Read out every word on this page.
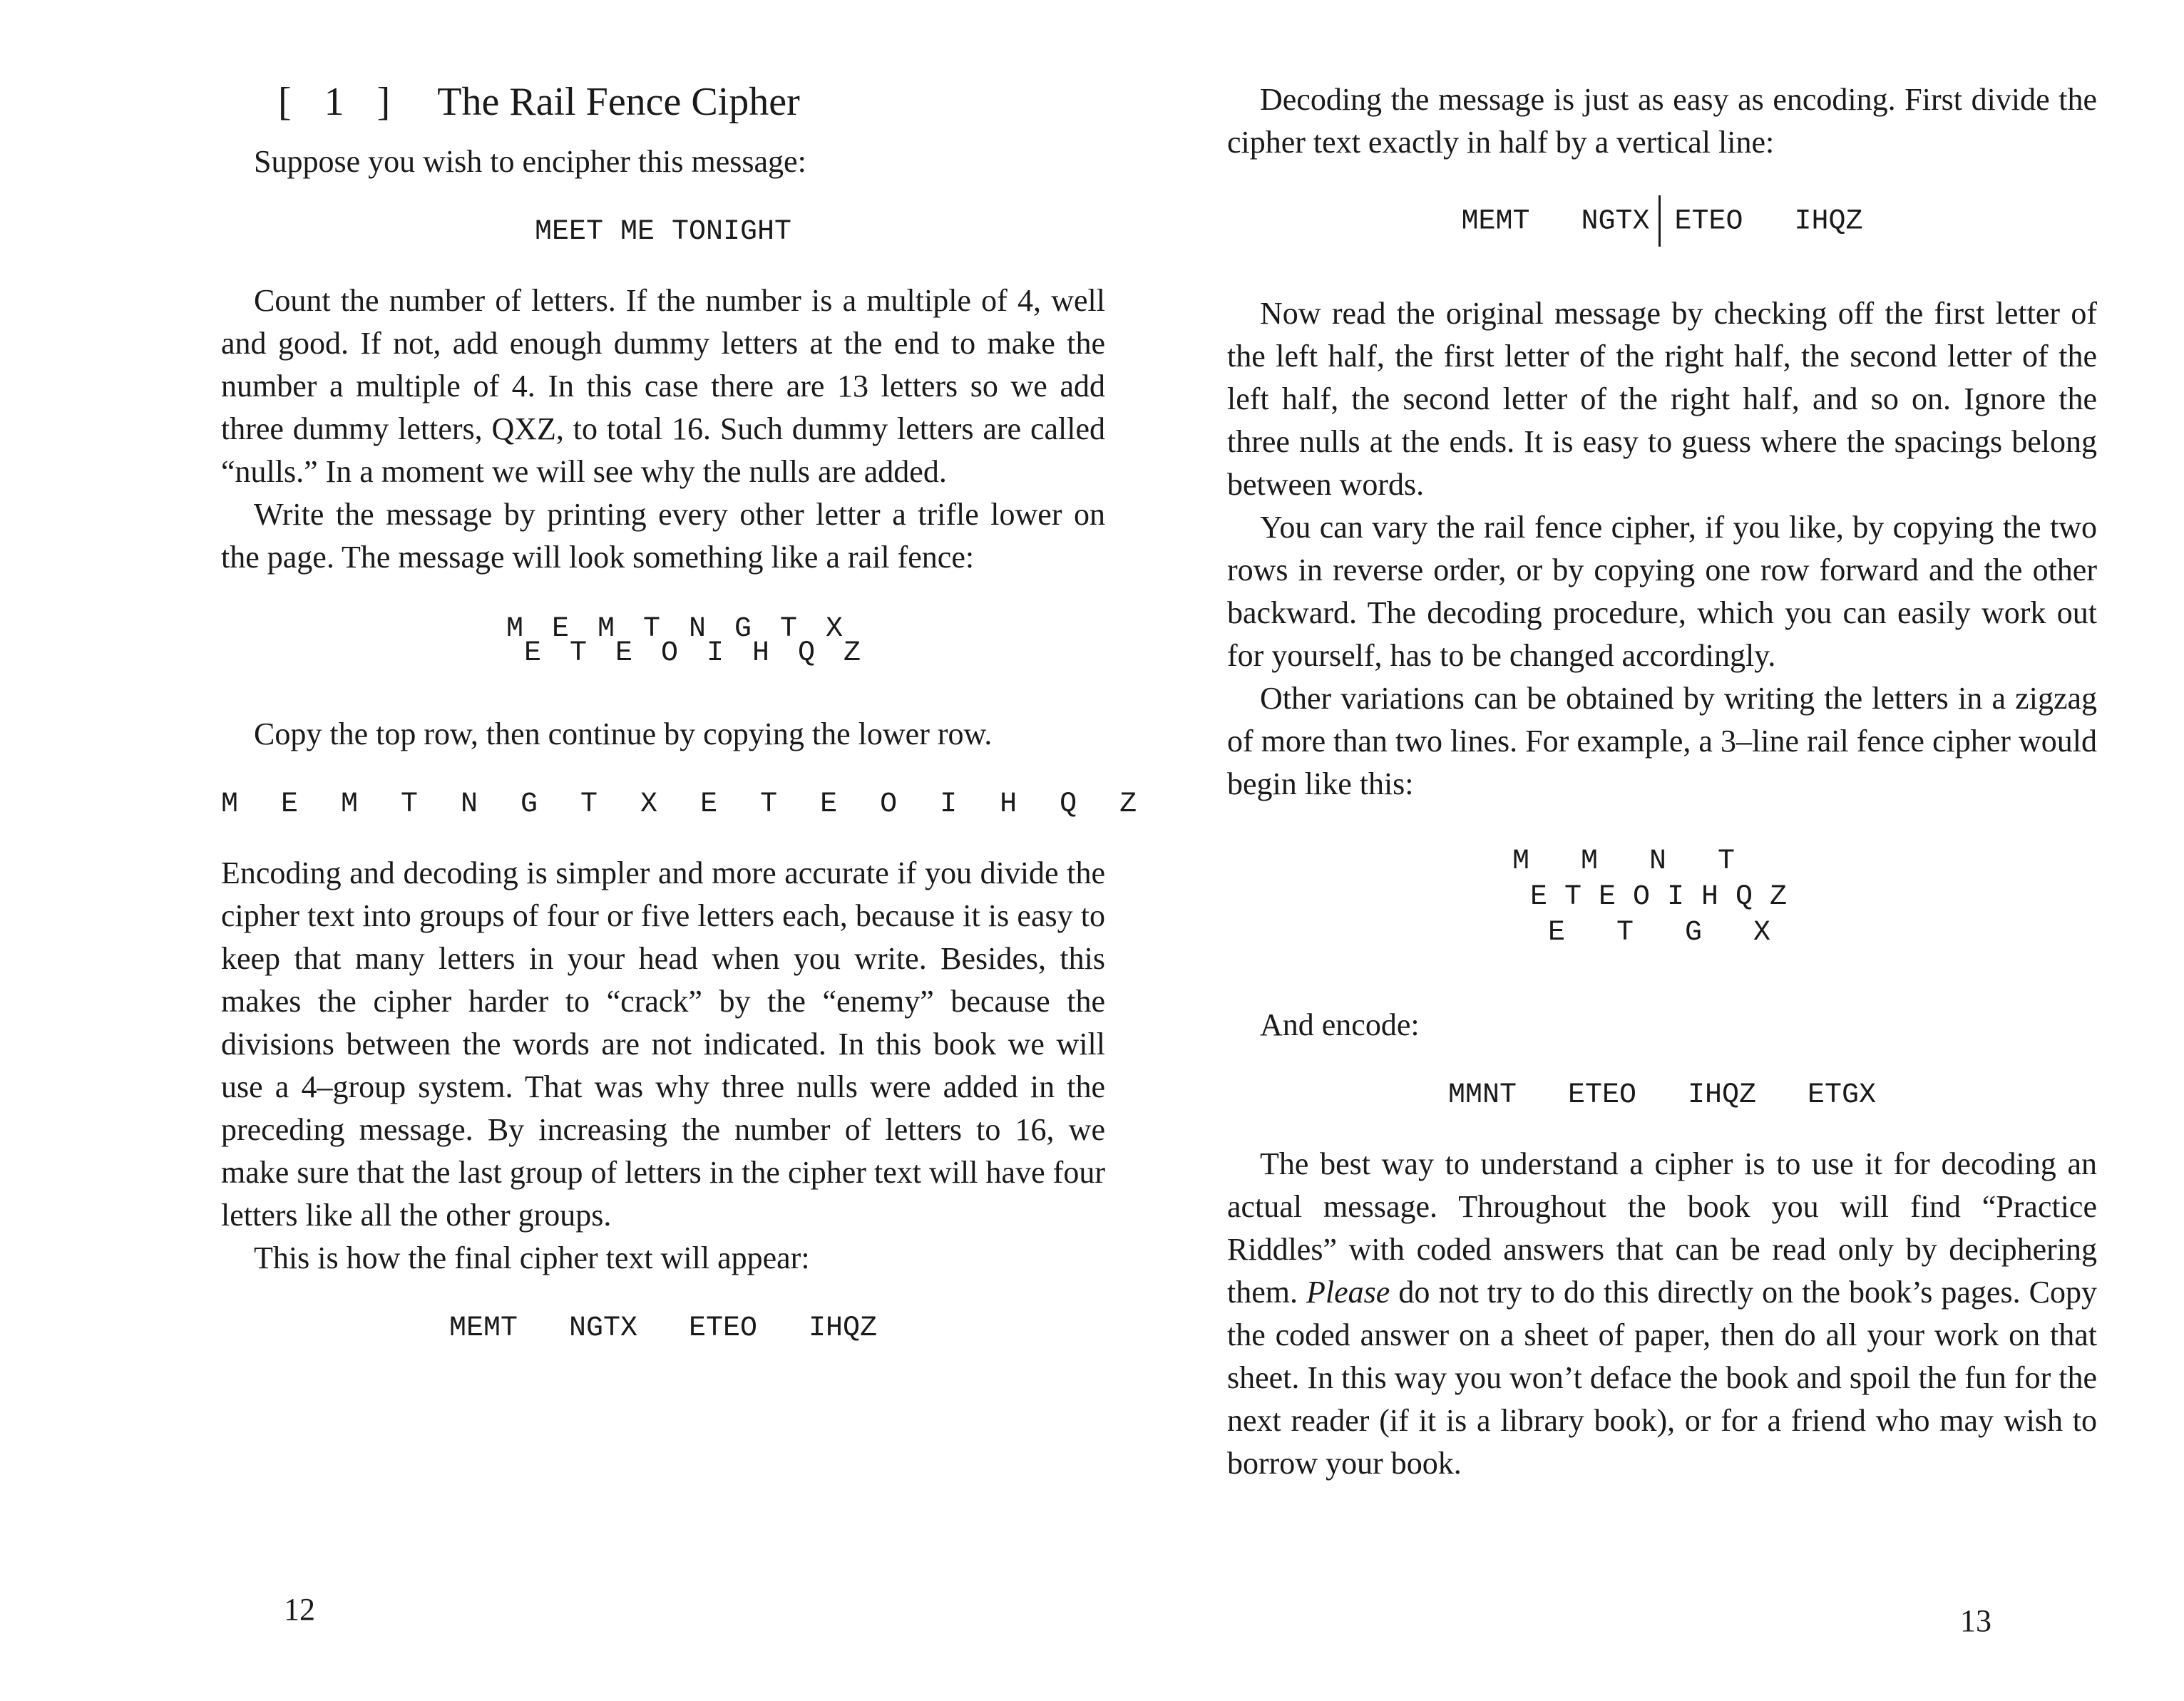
[ 1 ] The Rail Fence Cipher

Suppose you wish to encipher this message:

MEET ME TONIGHT

Count the number of letters. If the number is a multiple of 4, well and good. If not, add enough dummy letters at the end to make the number a multiple of 4. In this case there are 13 letters so we add three dummy letters, QXZ, to total 16. Such dummy letters are called “nulls.” In a moment we will see why the nulls are added.

Write the message by printing every other letter a trifle lower on the page. The message will look something like a rail fence:

M E M T N G T X
E T E O I H Q Z

Copy the top row, then continue by copying the lower row.

M E M T N G T X E T E O I H Q Z

Encoding and decoding is simpler and more accurate if you divide the cipher text into groups of four or five letters each, because it is easy to keep that many letters in your head when you write. Besides, this makes the cipher harder to “crack” by the “enemy” because the divisions between the words are not indicated. In this book we will use a 4–group system. That was why three nulls were added in the preceding message. By increasing the number of letters to 16, we make sure that the last group of letters in the cipher text will have four letters like all the other groups.

This is how the final cipher text will appear:

MEMT   NGTX   ETEO   IHQZ
12

Decoding the message is just as easy as encoding. First divide the cipher text exactly in half by a vertical line:

MEMT   NGTX ETEO   IHQZ

Now read the original message by checking off the first letter of the left half, the first letter of the right half, the second letter of the left half, the second letter of the right half, and so on. Ignore the three nulls at the ends. It is easy to guess where the spacings belong between words.

You can vary the rail fence cipher, if you like, by copying the two rows in reverse order, or by copying one row forward and the other backward. The decoding procedure, which you can easily work out for yourself, has to be changed accordingly.

Other variations can be obtained by writing the letters in a zigzag of more than two lines. For example, a 3–line rail fence cipher would begin like this:

M   M   N   T
E T E O I H Q Z
E   T   G   X

And encode:

MMNT   ETEO   IHQZ   ETGX

The best way to understand a cipher is to use it for decoding an actual message. Throughout the book you will find “Practice Riddles” with coded answers that can be read only by deciphering them. Please do not try to do this directly on the book’s pages. Copy the coded answer on a sheet of paper, then do all your work on that sheet. In this way you won’t deface the book and spoil the fun for the next reader (if it is a library book), or for a friend who may wish to borrow your book.

13
